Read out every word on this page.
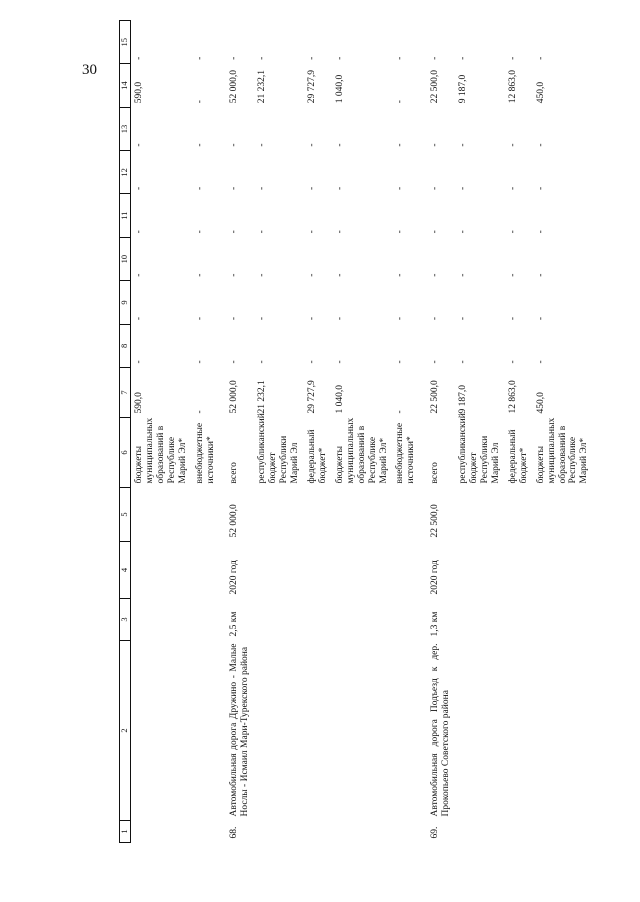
30
1	2	3	4	5	6	7	8	9	10	11	12	13	14	15
					бюджеты муниципальных образований в Республике Марий Эл*	590,0	-	-	-	-	-	-	590,0	-
					внебюджетные источники*	-	-	-	-	-	-	-	-	-
68.	Автомобильная дорога Дружино - Малые Нослы - Исмаил Мари-Турекского района	2,5 км	2020 год	52 000,0	всего	52 000,0	-	-	-	-	-	-	52 000,0	-
					республиканский бюджет Республики Марий Эл	21 232,1	-	-	-	-	-	-	21 232,1	-
					федеральный бюджет*	29 727,9	-	-	-	-	-	-	29 727,9	-
					бюджеты муниципальных образований в Республике Марий Эл*	1 040,0	-	-	-	-	-	-	1 040,0	-
					внебюджетные источники*	-	-	-	-	-	-	-	-	-
69.	Автомобильная дорога Подъезд к дер. Прокопьево Советского района	1,3 км	2020 год	22 500,0	всего	22 500,0	-	-	-	-	-	-	22 500,0	-
					республиканский бюджет Республики Марий Эл	9 187,0	-	-	-	-	-	-	9 187,0	-
					федеральный бюджет*	12 863,0	-	-	-	-	-	-	12 863,0	-
					бюджеты муниципальных образований в Республике Марий Эл*	450,0	-	-	-	-	-	-	450,0	-
